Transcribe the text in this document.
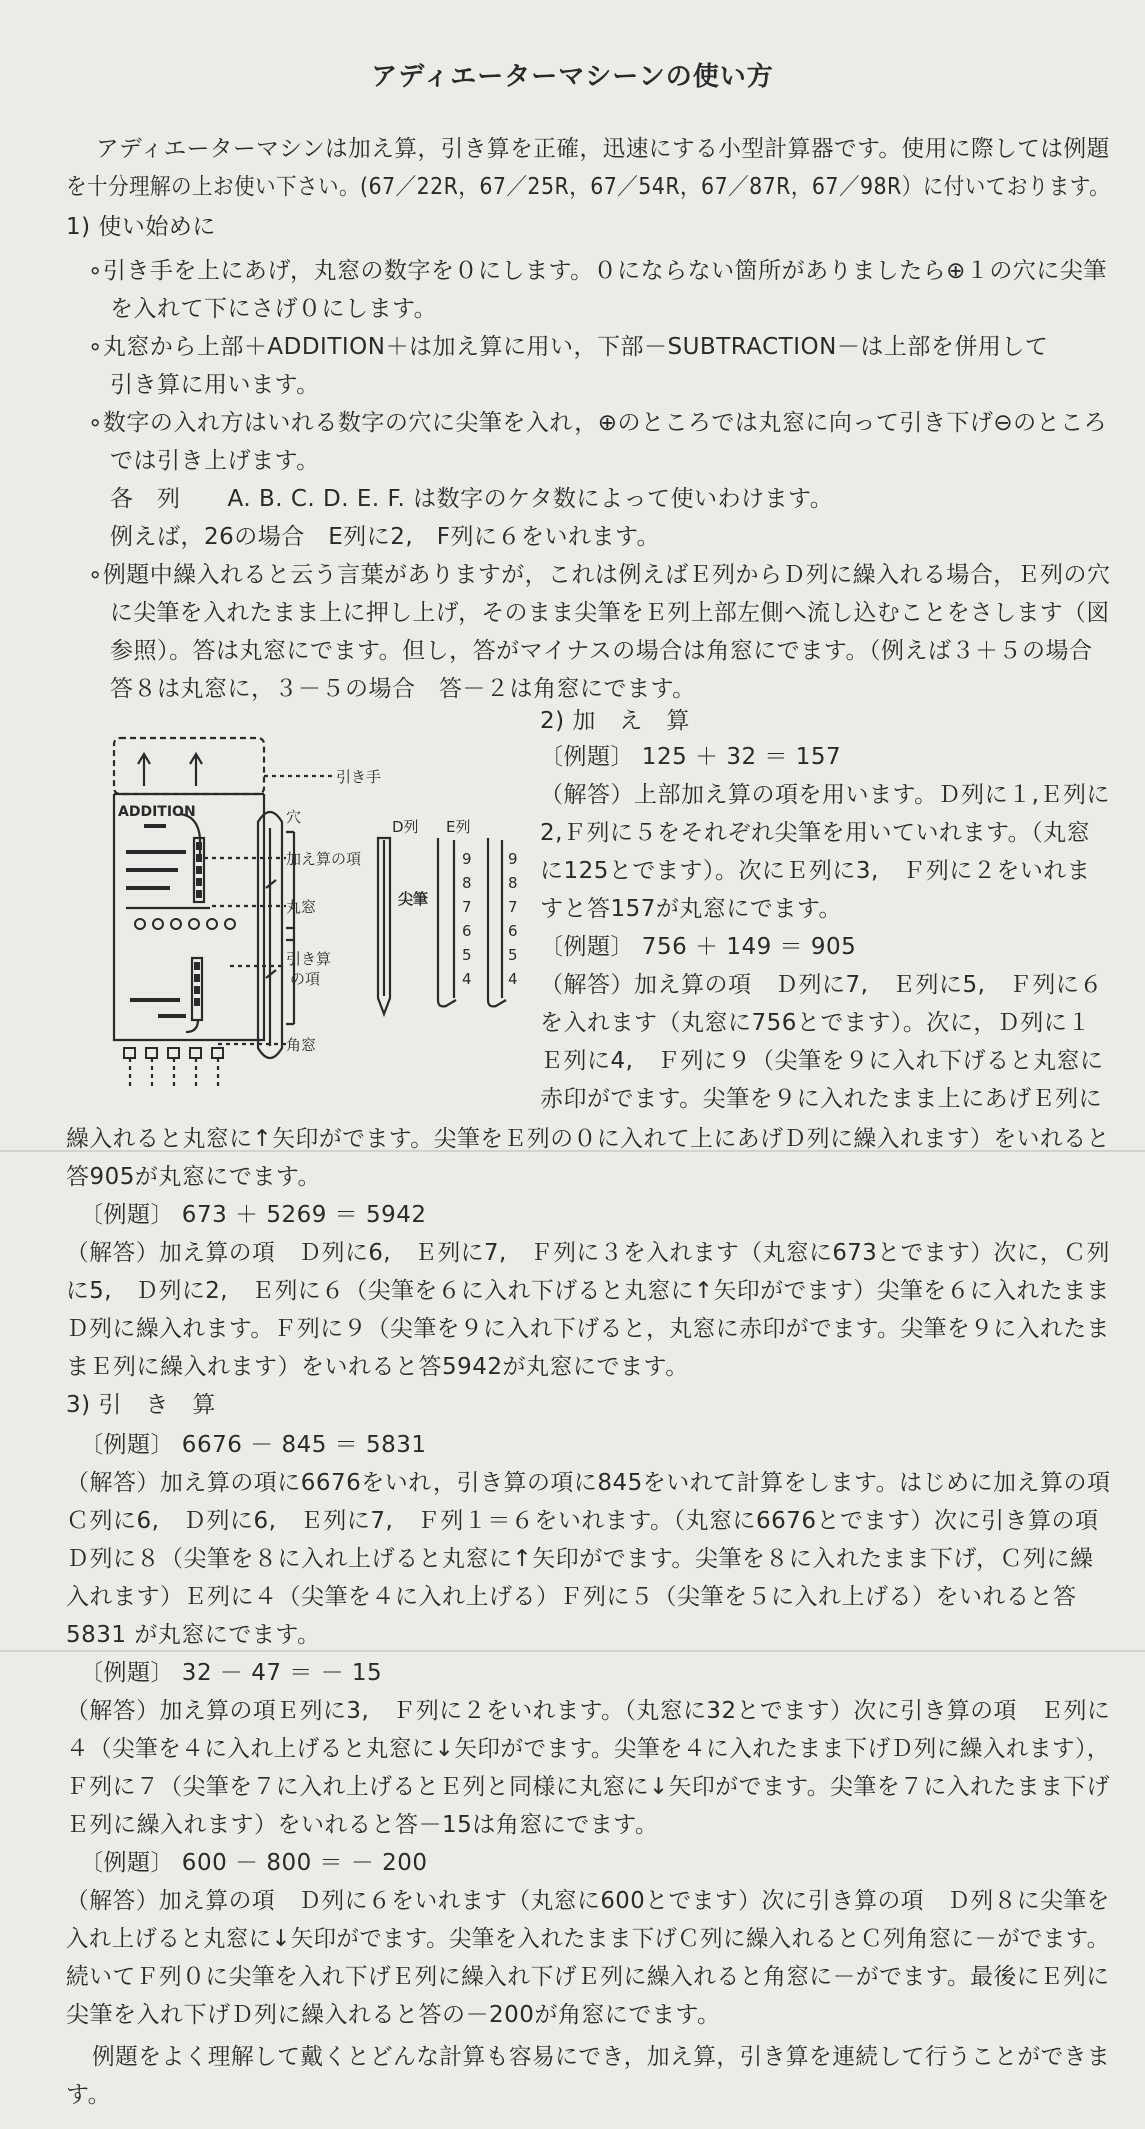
アディエーターマシーンの使い方
アディエーターマシンは加え算，引き算を正確，迅速にする小型計算器です。使用に際しては例題
を十分理解の上お使い下さい。(67／22R，67／25R，67／54R，67／87R，67／98R）に付いております。
1) 使い始めに
∘引き手を上にあげ，丸窓の数字を０にします。０にならない箇所がありましたら⊕１の穴に尖筆
を入れて下にさげ０にします。
∘丸窓から上部＋ADDITION＋は加え算に用い，下部－SUBTRACTION－は上部を併用して
引き算に用います。
∘数字の入れ方はいれる数字の穴に尖筆を入れ，⊕のところでは丸窓に向って引き下げ⊖のところ
では引き上げます。
各　列　　A. B. C. D. E. F. は数字のケタ数によって使いわけます。
例えば，26の場合　E列に2,　F列に６をいれます。
∘例題中繰入れると云う言葉がありますが，これは例えばＥ列からＤ列に繰入れる場合，Ｅ列の穴
に尖筆を入れたまま上に押し上げ，そのまま尖筆をＥ列上部左側へ流し込むことをさします（図
参照）。答は丸窓にでます。但し，答がマイナスの場合は角窓にでます。（例えば３＋５の場合
答８は丸窓に，３－５の場合　答－２は角窓にでます。
ADDITION
引き手
穴
加え算の項
丸窓
引き算
の項
角窓
D列 E列
尖筆
9
8
7
6
5
4
9
8
7
6
5
4
2) 加　え　算
〔例題〕 125 ＋ 32 ＝ 157
（解答）上部加え算の項を用います。Ｄ列に１,Ｅ列に
2,Ｆ列に５をそれぞれ尖筆を用いていれます。（丸窓
に125とでます）。次にＥ列に3,　Ｆ列に２をいれま
すと答157が丸窓にでます。
〔例題〕 756 ＋ 149 ＝ 905
（解答）加え算の項　Ｄ列に7,　Ｅ列に5,　Ｆ列に６
を入れます（丸窓に756とでます）。次に，Ｄ列に１
Ｅ列に4,　Ｆ列に９（尖筆を９に入れ下げると丸窓に
赤印がでます。尖筆を９に入れたまま上にあげＥ列に
繰入れると丸窓に↑矢印がでます。尖筆をＥ列の０に入れて上にあげＤ列に繰入れます）をいれると
答905が丸窓にでます。
〔例題〕 673 ＋ 5269 ＝ 5942
（解答）加え算の項　Ｄ列に6,　Ｅ列に7,　Ｆ列に３を入れます（丸窓に673とでます）次に，Ｃ列
に5,　Ｄ列に2,　Ｅ列に６（尖筆を６に入れ下げると丸窓に↑矢印がでます）尖筆を６に入れたまま
Ｄ列に繰入れます。Ｆ列に９（尖筆を９に入れ下げると，丸窓に赤印がでます。尖筆を９に入れたま
まＥ列に繰入れます）をいれると答5942が丸窓にでます。
3) 引　き　算
〔例題〕 6676 － 845 ＝ 5831
（解答）加え算の項に6676をいれ，引き算の項に845をいれて計算をします。はじめに加え算の項
Ｃ列に6,　Ｄ列に6,　Ｅ列に7,　Ｆ列１＝６をいれます。（丸窓に6676とでます）次に引き算の項
Ｄ列に８（尖筆を８に入れ上げると丸窓に↑矢印がでます。尖筆を８に入れたまま下げ，Ｃ列に繰
入れます）Ｅ列に４（尖筆を４に入れ上げる）Ｆ列に５（尖筆を５に入れ上げる）をいれると答
5831 が丸窓にでます。
〔例題〕 32 － 47 ＝ － 15
（解答）加え算の項Ｅ列に3,　Ｆ列に２をいれます。（丸窓に32とでます）次に引き算の項　Ｅ列に
４（尖筆を４に入れ上げると丸窓に↓矢印がでます。尖筆を４に入れたまま下げＤ列に繰入れます），
Ｆ列に７（尖筆を７に入れ上げるとＥ列と同様に丸窓に↓矢印がでます。尖筆を７に入れたまま下げ
Ｅ列に繰入れます）をいれると答－15は角窓にでます。
〔例題〕 600 － 800 ＝ － 200
（解答）加え算の項　Ｄ列に６をいれます（丸窓に600とでます）次に引き算の項　Ｄ列８に尖筆を
入れ上げると丸窓に↓矢印がでます。尖筆を入れたまま下げＣ列に繰入れるとＣ列角窓に－がでます。
続いてＦ列０に尖筆を入れ下げＥ列に繰入れ下げＥ列に繰入れると角窓に－がでます。最後にＥ列に
尖筆を入れ下げＤ列に繰入れると答の－200が角窓にでます。
例題をよく理解して戴くとどんな計算も容易にでき，加え算，引き算を連続して行うことができま
す。
